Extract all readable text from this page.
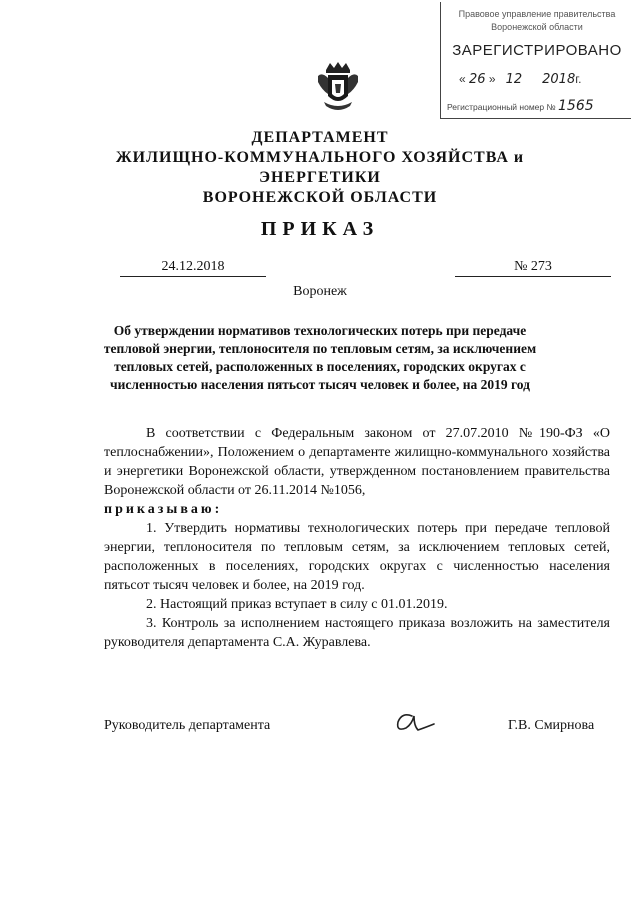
Правовое управление правительства
Воронежской области
ЗАРЕГИСТРИРОВАНО
« 26 »   12 2018г.
Регистрационный номер № 1565
ДЕПАРТАМЕНТ
ЖИЛИЩНО-КОММУНАЛЬНОГО ХОЗЯЙСТВА и
ЭНЕРГЕТИКИ
ВОРОНЕЖСКОЙ ОБЛАСТИ
ПРИКАЗ
24.12.2018	№ 273
Воронеж
Об утверждении нормативов технологических потерь при передаче
тепловой энергии, теплоносителя по тепловым сетям, за исключением
тепловых сетей, расположенных в поселениях, городских округах с
численностью населения пятьсот тысяч человек и более, на 2019 год

В соответствии с Федеральным законом от 27.07.2010 №190-ФЗ «О теплоснабжении», Положением о департаменте жилищно-коммунального хозяйства и энергетики Воронежской области, утвержденном постановлением правительства Воронежской области от 26.11.2014 №1056,

приказываю:

1. Утвердить нормативы технологических потерь при передаче тепловой энергии, теплоносителя по тепловым сетям, за исключением тепловых сетей, расположенных в поселениях, городских округах с численностью населения пятьсот тысяч человек и более, на 2019 год.

2. Настоящий приказ вступает в силу с 01.01.2019.

3. Контроль за исполнением настоящего приказа возложить на заместителя руководителя департамента С.А. Журавлева.

Руководитель департамента	Г.В. Смирнова
